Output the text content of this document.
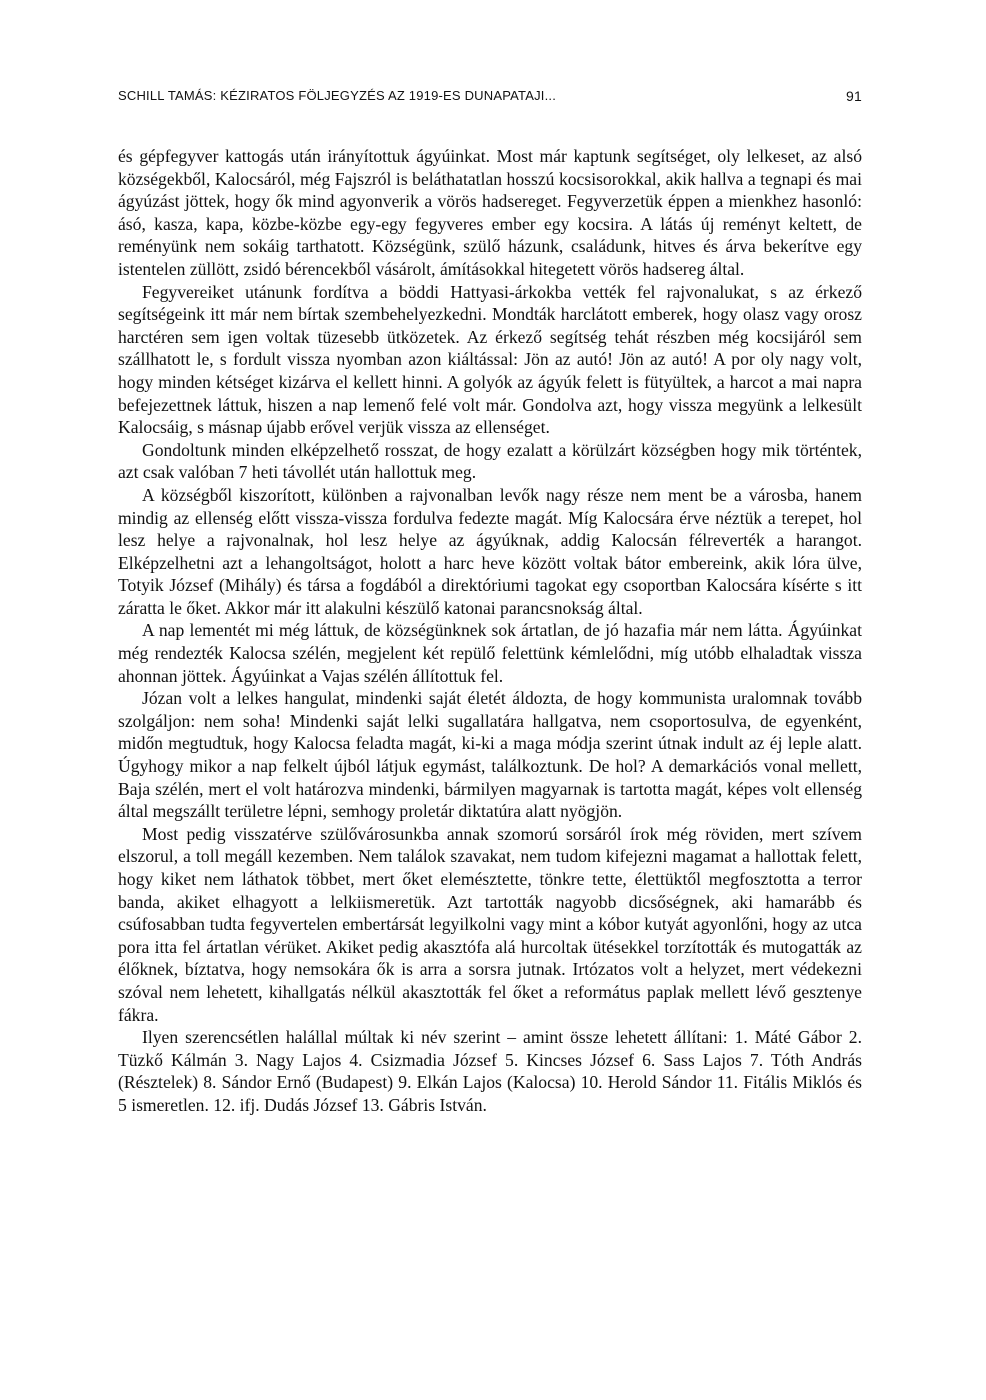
SCHILL TAMÁS: KÉZIRATOS FÖLJEGYZÉS AZ 1919-ES DUNAPATAJI...	91

és gépfegyver kattogás után irányítottuk ágyúinkat. Most már kaptunk segítséget, oly lelkeset, az alsó községekből, Kalocsáról, még Fajszról is beláthatatlan hosszú kocsisorokkal, akik hallva a tegnapi és mai ágyúzást jöttek, hogy ők mind agyonverik a vörös hadsereget. Fegyverzetük éppen a mienkhez hasonló: ásó, kasza, kapa, közbe-közbe egy-egy fegyveres ember egy kocsira. A látás új reményt keltett, de reményünk nem sokáig tarthatott. Községünk, szülő házunk, családunk, hitves és árva bekerítve egy istentelen züllött, zsidó bérencekből vásárolt, ámításokkal hitegetett vörös hadsereg által.

Fegyvereiket utánunk fordítva a böddi Hattyasi-árkokba vették fel rajvonalukat, s az érkező segítségeink itt már nem bírtak szembehelyezkedni. Mondták harclátott emberek, hogy olasz vagy orosz harctéren sem igen voltak tüzesebb ütközetek. Az érkező segítség tehát részben még kocsijáról sem szállhatott le, s fordult vissza nyomban azon kiáltással: Jön az autó! Jön az autó! A por oly nagy volt, hogy minden kétséget kizárva el kellett hinni. A golyók az ágyúk felett is fütyültek, a harcot a mai napra befejezettnek láttuk, hiszen a nap lemenő felé volt már. Gondolva azt, hogy vissza megyünk a lelkesült Kalocsáig, s másnap újabb erővel verjük vissza az ellenséget.

Gondoltunk minden elképzelhető rosszat, de hogy ezalatt a körülzárt községben hogy mik történtek, azt csak valóban 7 heti távollét után hallottuk meg.

A községből kiszorított, különben a rajvonalban levők nagy része nem ment be a városba, hanem mindig az ellenség előtt vissza-vissza fordulva fedezte magát. Míg Kalocsára érve néztük a terepet, hol lesz helye a rajvonalnak, hol lesz helye az ágyúknak, addig Kalocsán félreverték a harangot. Elképzelhetni azt a lehangoltságot, holott a harc heve között voltak bátor embereink, akik lóra ülve, Totyik József (Mihály) és társa a fogdából a direktóriumi tagokat egy csoportban Kalocsára kísérte s itt záratta le őket. Akkor már itt alakulni készülő katonai parancsnokság által.

A nap lementét mi még láttuk, de községünknek sok ártatlan, de jó hazafia már nem látta. Ágyúinkat még rendezték Kalocsa szélén, megjelent két repülő felettünk kémlelődni, míg utóbb elhaladtak vissza ahonnan jöttek. Ágyúinkat a Vajas szélén állítottuk fel.

Józan volt a lelkes hangulat, mindenki saját életét áldozta, de hogy kommunista uralomnak tovább szolgáljon: nem soha! Mindenki saját lelki sugallatára hallgatva, nem csoportosulva, de egyenként, midőn megtudtuk, hogy Kalocsa feladta magát, ki-ki a maga módja szerint útnak indult az éj leple alatt. Úgyhogy mikor a nap felkelt újból látjuk egymást, találkoztunk. De hol? A demarkációs vonal mellett, Baja szélén, mert el volt határozva mindenki, bármilyen magyarnak is tartotta magát, képes volt ellenség által megszállt területre lépni, semhogy proletár diktatúra alatt nyögjön.

Most pedig visszatérve szülővárosunkba annak szomorú sorsáról írok még röviden, mert szívem elszorul, a toll megáll kezemben. Nem találok szavakat, nem tudom kifejezni magamat a hallottak felett, hogy kiket nem láthatok többet, mert őket elemésztette, tönkre tette, élettüktől megfosztotta a terror banda, akiket elhagyott a lelkiismeretük. Azt tartották nagyobb dicsőségnek, aki hamarább és csúfosabban tudta fegyvertelen embertársát legyilkolni vagy mint a kóbor kutyát agyonlőni, hogy az utca pora itta fel ártatlan vérüket. Akiket pedig akasztófa alá hurcoltak ütésekkel torzították és mutogatták az élőknek, bíztatva, hogy nemsokára ők is arra a sorsra jutnak. Irtózatos volt a helyzet, mert védekezni szóval nem lehetett, kihallgatás nélkül akasztották fel őket a református paplak mellett lévő gesztenye fákra.

Ilyen szerencsétlen halállal múltak ki név szerint – amint össze lehetett állítani: 1. Máté Gábor 2. Tüzkő Kálmán 3. Nagy Lajos 4. Csizmadia József 5. Kincses József 6. Sass Lajos 7. Tóth András (Résztelek) 8. Sándor Ernő (Budapest) 9. Elkán Lajos (Kalocsa) 10. Herold Sándor 11. Fitális Miklós és 5 ismeretlen. 12. ifj. Dudás József 13. Gábris István.
